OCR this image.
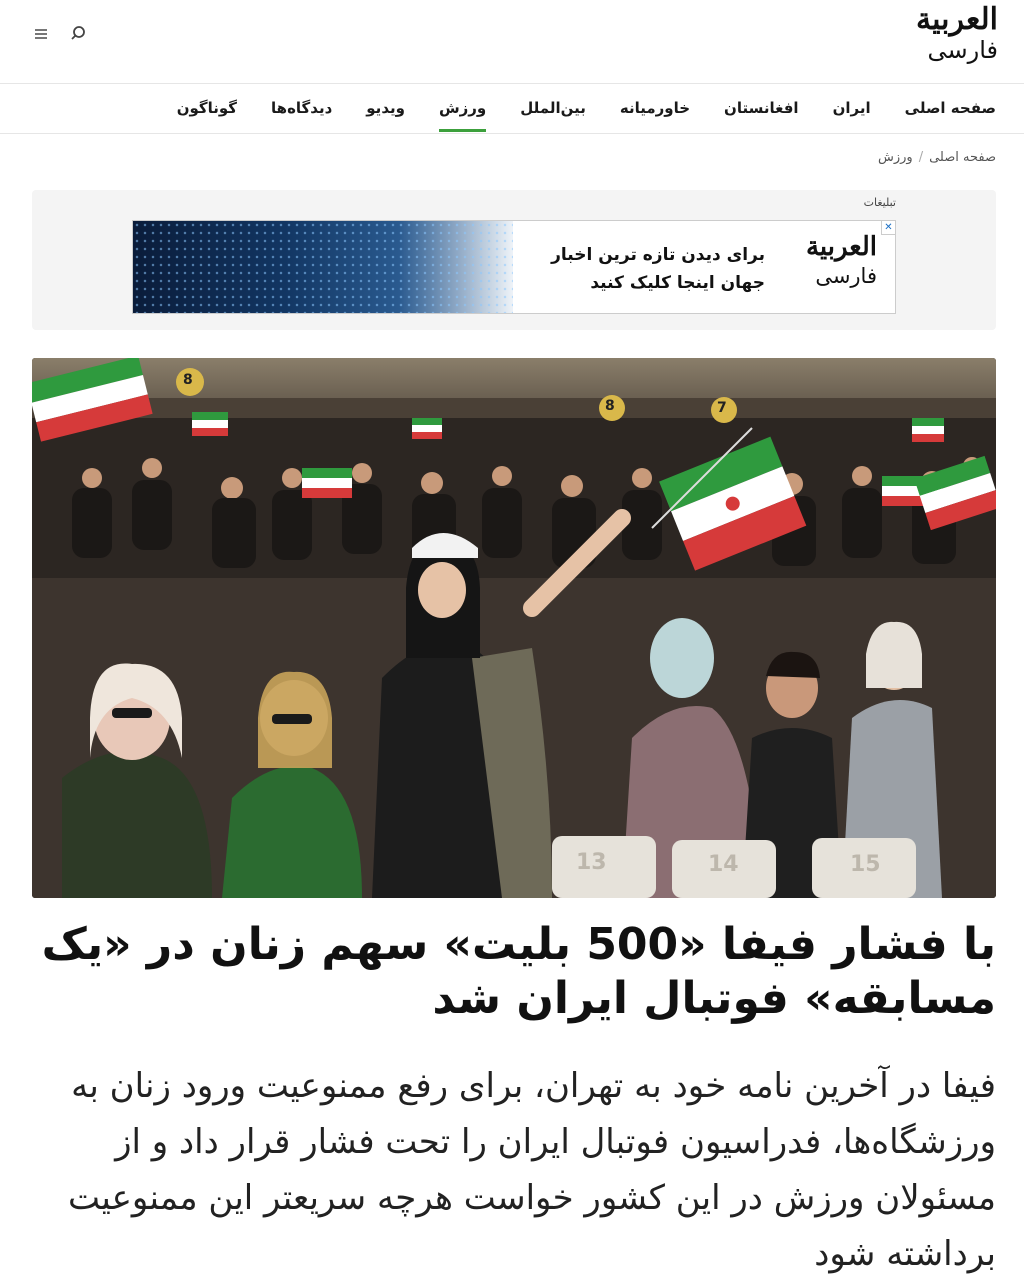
العربية
فارسی
صفحه اصلی
ایران
افغانستان
خاورمیانه
بین‌الملل
ورزش
ویدیو
دیدگاه‌ها
گوناگون
صفحه اصلی
/
ورزش
تبلیغات
برای دیدن تازه ترین اخبار
جهان اینجا کلیک کنید
العربية
فارسی
✕
13	14	15
8
8	7
با فشار فیفا «500 بلیت» سهم زنان در «یک مسابقه» فوتبال ایران شد

فیفا در آخرین نامه خود به تهران، برای رفع ممنوعیت ورود زنان به ورزشگاه‌ها، فدراسیون فوتبال ایران را تحت فشار قرار داد و از مسئولان ورزش در این کشور خواست هرچه سریعتر این ممنوعیت برداشته شود
